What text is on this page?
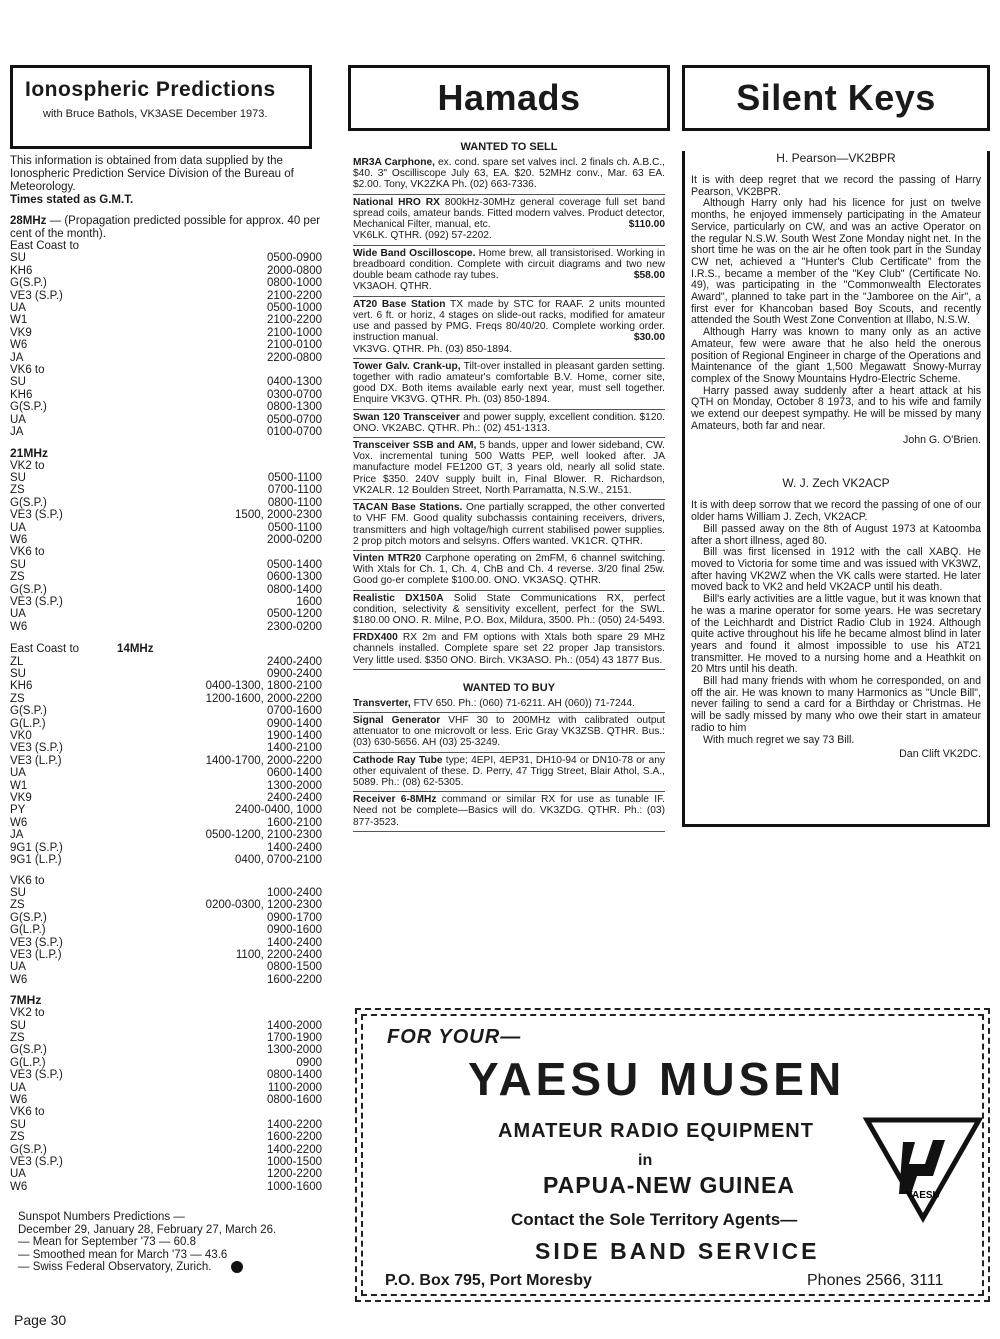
Ionospheric Predictions
with Bruce Bathols, VK3ASE December 1973.
This information is obtained from data supplied by the Ionospheric Prediction Service Division of the Bureau of Meteorology.
Times stated as G.M.T.
28MHz — (Propagation predicted possible for approx. 40 per cent of the month).
East Coast to
SU	0500-0900
KH6	2000-0800
G(S.P.)	0800-1000
VE3 (S.P.)	2100-2200
UA	0500-1000
W1	2100-2200
VK9	2100-1000
W6	2100-0100
JA	2200-0800
VK6 to
SU	0400-1300
KH6	0300-0700
G(S.P.)	0800-1300
UA	0500-0700
JA	0100-0700
21MHz
VK2 to
SU	0500-1100
ZS	0700-1100
G(S.P.)	0800-1100
VE3 (S.P.)	1500, 2000-2300
UA	0500-1100
W6	2000-0200
VK6 to
SU	0500-1400
ZS	0600-1300
G(S.P.)	0800-1400
VE3 (S.P.)	1600
UA	0500-1200
W6	2300-0200
East Coast to	14MHz
ZL	2400-2400
SU	0900-2400
KH6	0400-1300, 1800-2100
ZS	1200-1600, 2000-2200
G(S.P.)	0700-1600
G(L.P.)	0900-1400
VK0	1900-1400
VE3 (S.P.)	1400-2100
VE3 (L.P.)	1400-1700, 2000-2200
UA	0600-1400
W1	1300-2000
VK9	2400-2400
PY	2400-0400, 1000
W6	1600-2100
JA	0500-1200, 2100-2300
9G1 (S.P.)	1400-2400
9G1 (L.P.)	0400, 0700-2100
VK6 to
SU	1000-2400
ZS	0200-0300, 1200-2300
G(S.P.)	0900-1700
G(L.P.)	0900-1600
VE3 (S.P.)	1400-2400
VE3 (L.P.)	1100, 2200-2400
UA	0800-1500
W6	1600-2200
7MHz
VK2 to
SU	1400-2000
ZS	1700-1900
G(S.P.)	1300-2000
G(L.P.)	0900
VE3 (S.P.)	0800-1400
UA	1100-2000
W6	0800-1600
VK6 to
SU	1400-2200
ZS	1600-2200
G(S.P.)	1400-2200
VE3 (S.P.)	1000-1500
UA	1200-2200
W6	1000-1600
Sunspot Numbers Predictions —
December 29, January 28, February 27, March 26.
— Mean for September '73 — 60.8
— Smoothed mean for March '73 — 43.6
— Swiss Federal Observatory, Zurich.
Page 30
Hamads
WANTED TO SELL
MR3A Carphone, ex. cond. spare set valves incl. 2 finals ch. A.B.C., $40. 3" Oscilliscope July 63, EA. $20. 52MHz conv., Mar. 63 EA. $2.00. Tony, VK2ZKA Ph. (02) 663-7336.
National HRO RX 800kHz-30MHz general coverage full set band spread coils, amateur bands. Fitted modern valves. Product detector, Mechanical Filter, manual, etc.	$110.00
VK6LK. QTHR. (092) 57-2202.
Wide Band Oscilloscope. Home brew, all transistorised. Working in breadboard condition. Complete with circuit diagrams and two new double beam cathode ray tubes.	$58.00
VK3AOH. QTHR.
AT20 Base Station TX made by STC for RAAF. 2 units mounted vert. 6 ft. or horiz, 4 stages on slide-out racks, modified for amateur use and passed by PMG. Freqs 80/40/20. Complete working order. instruction manual.	$30.00
VK3VG. QTHR. Ph. (03) 850-1894.
Tower Galv. Crank-up, Tilt-over installed in pleasant garden setting. together with radio amateur's comfortable B.V. Home, corner site, good DX. Both items available early next year, must sell together. Enquire VK3VG. QTHR. Ph. (03) 850-1894.
Swan 120 Transceiver and power supply, excellent condition. $120. ONO. VK2ABC. QTHR. Ph.: (02) 451-1313.
Transceiver SSB and AM, 5 bands, upper and lower sideband, CW. Vox. incremental tuning 500 Watts PEP, well looked after. JA manufacture model FE1200 GT, 3 years old, nearly all solid state. Price $350. 240V supply built in, Final Blower. R. Richardson, VK2ALR. 12 Boulden Street, North Parramatta, N.S.W., 2151.
TACAN Base Stations. One partially scrapped, the other converted to VHF FM. Good quality subchassis containing receivers, drivers, transmitters and high voltage/high current stabilised power supplies. 2 prop pitch motors and selsyns. Offers wanted. VK1CR. QTHR.
Vinten MTR20 Carphone operating on 2mFM, 6 channel switching. With Xtals for Ch. 1, Ch. 4, ChB and Ch. 4 reverse. 3/20 final 25w. Good go-er complete $100.00. ONO. VK3ASQ. QTHR.
Realistic DX150A Solid State Communications RX, perfect condition, selectivity & sensitivity excellent, perfect for the SWL. $180.00 ONO. R. Milne, P.O. Box, Mildura, 3500. Ph.: (050) 24-5493.
FRDX400 RX 2m and FM options with Xtals both spare 29 MHz channels installed. Complete spare set 22 proper Jap transistors. Very little used. $350 ONO. Birch. VK3ASO. Ph.: (054) 43 1877 Bus.
WANTED TO BUY
Transverter, FTV 650. Ph.: (060) 71-6211. AH (060)) 71-7244.
Signal Generator VHF 30 to 200MHz with calibrated output attenuator to one microvolt or less. Eric Gray VK3ZSB. QTHR. Bus.: (03) 630-5656. AH (03) 25-3249.
Cathode Ray Tube type; 4EPI, 4EP31, DH10-94 or DN10-78 or any other equivalent of these. D. Perry, 47 Trigg Street, Blair Athol, S.A., 5089. Ph.: (08) 62-5305.
Receiver 6-8MHz command or similar RX for use as tunable IF. Need not be complete—Basics will do. VK3ZDG. QTHR. Ph.: (03) 877-3523.
Silent Keys
H. Pearson—VK2BPR

It is with deep regret that we record the passing of Harry Pearson, VK2BPR.

Although Harry only had his licence for just on twelve months, he enjoyed immensely participating in the Amateur Service, particularly on CW, and was an active Operator on the regular N.S.W. South West Zone Monday night net. In the short time he was on the air he often took part in the Sunday CW net, achieved a "Hunter's Club Certificate" from the I.R.S., became a member of the "Key Club" (Certificate No. 49), was participating in the "Commonwealth Electorates Award", planned to take part in the "Jamboree on the Air", a first ever for Khancoban based Boy Scouts, and recently attended the South West Zone Convention at Illabo, N.S.W.

Although Harry was known to many only as an active Amateur, few were aware that he also held the onerous position of Regional Engineer in charge of the Operations and Maintenance of the giant 1,500 Megawatt Snowy-Murray complex of the Snowy Mountains Hydro-Electric Scheme.

Harry passed away suddenly after a heart attack at his QTH on Monday, October 8 1973, and to his wife and family we extend our deepest sympathy. He will be missed by many Amateurs, both far and near.

John G. O'Brien.
W. J. Zech VK2ACP

It is with deep sorrow that we record the passing of one of our older hams William J. Zech, VK2ACP.

Bill passed away on the 8th of August 1973 at Katoomba after a short illness, aged 80.

Bill was first licensed in 1912 with the call XABQ. He moved to Victoria for some time and was issued with VK3WZ, after having VK2WZ when the VK calls were started. He later moved back to VK2 and held VK2ACP until his death.

Bill's early activities are a little vague, but it was known that he was a marine operator for some years. He was secretary of the Leichhardt and District Radio Club in 1924. Although quite active throughout his life he became almost blind in later years and found it almost impossible to use his AT21 transmitter. He moved to a nursing home and a Heathkit on 20 Mtrs until his death.

Bill had many friends with whom he corresponded, on and off the air. He was known to many Harmonics as "Uncle Bill", never failing to send a card for a Birthday or Christmas. He will be sadly missed by many who owe their start in amateur radio to him

With much regret we say 73 Bill.

Dan Clift VK2DC.
FOR YOUR—
YAESU MUSEN
AMATEUR RADIO EQUIPMENT
in
PAPUA-NEW GUINEA
Contact the Sole Territory Agents—
SIDE BAND SERVICE
P.O. Box 795, Port Moresby	Phones 2566, 3111
YAESU
